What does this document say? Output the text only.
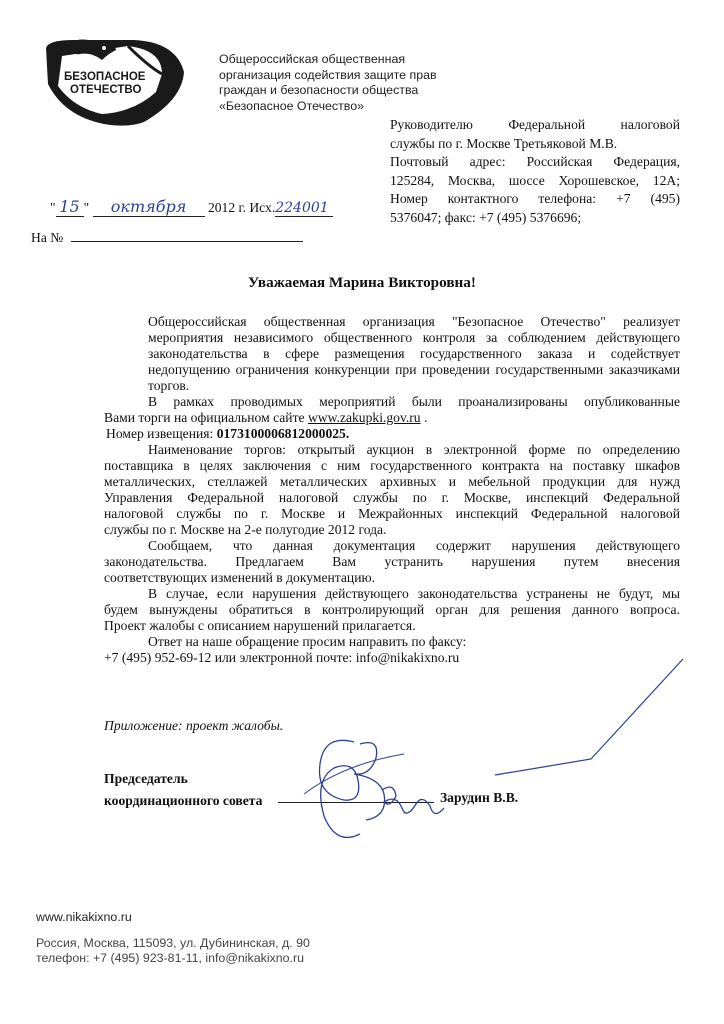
БЕЗОПАСНОЕ
ОТЕЧЕСТВО
Общероссийская общественная
организация содействия защите прав
граждан и безопасности общества
«Безопасное Отечество»
Руководителю Федеральной налоговой
службы по г. Москве Третьяковой М.В.
Почтовый адрес: Российская Федерация,
125284, Москва, шоссе Хорошевское, 12А;
Номер контактного телефона: +7 (495)
5376047; факс: +7 (495) 5376696;
" 15 " октября 2012 г. Исх.224001
На №
Уважаемая Марина Викторовна!
Общероссийская общественная организация "Безопасное Отечество" реализует
мероприятия независимого общественного контроля за соблюдением действующего
законодательства в сфере размещения государственного заказа и содействует
недопущению ограничения конкуренции при проведении государственными заказчиками
торгов.
В рамках проводимых мероприятий были проанализированы опубликованные
Вами торги на официальном сайте www.zakupki.gov.ru .
Номер извещения: 0173100006812000025.
Наименование торгов: открытый аукцион в электронной форме по определению
поставщика в целях заключения с ним государственного контракта на поставку шкафов
металлических, стеллажей металлических архивных и мебельной продукции для нужд
Управления Федеральной налоговой службы по г. Москве, инспекций Федеральной
налоговой службы по г. Москве и Межрайонных инспекций Федеральной налоговой
службы по г. Москве на 2-е полугодие 2012 года.
Сообщаем, что данная документация содержит нарушения действующего
законодательства. Предлагаем Вам устранить нарушения путем внесения
соответствующих изменений в документацию.
В случае, если нарушения действующего законодательства устранены не будут, мы
будем вынуждены обратиться в контролирующий орган для решения данного вопроса.
Проект жалобы с описанием нарушений прилагается.
Ответ на наше обращение просим направить по факсу:
+7 (495) 952-69-12 или электронной почте: info@nikakixno.ru
Приложение: проект жалобы.
Председатель
координационного совета	Зарудин В.В.
www.nikakixno.ru
Россия, Москва, 115093, ул. Дубининская, д. 90
телефон: +7 (495) 923-81-11, info@nikakixno.ru
